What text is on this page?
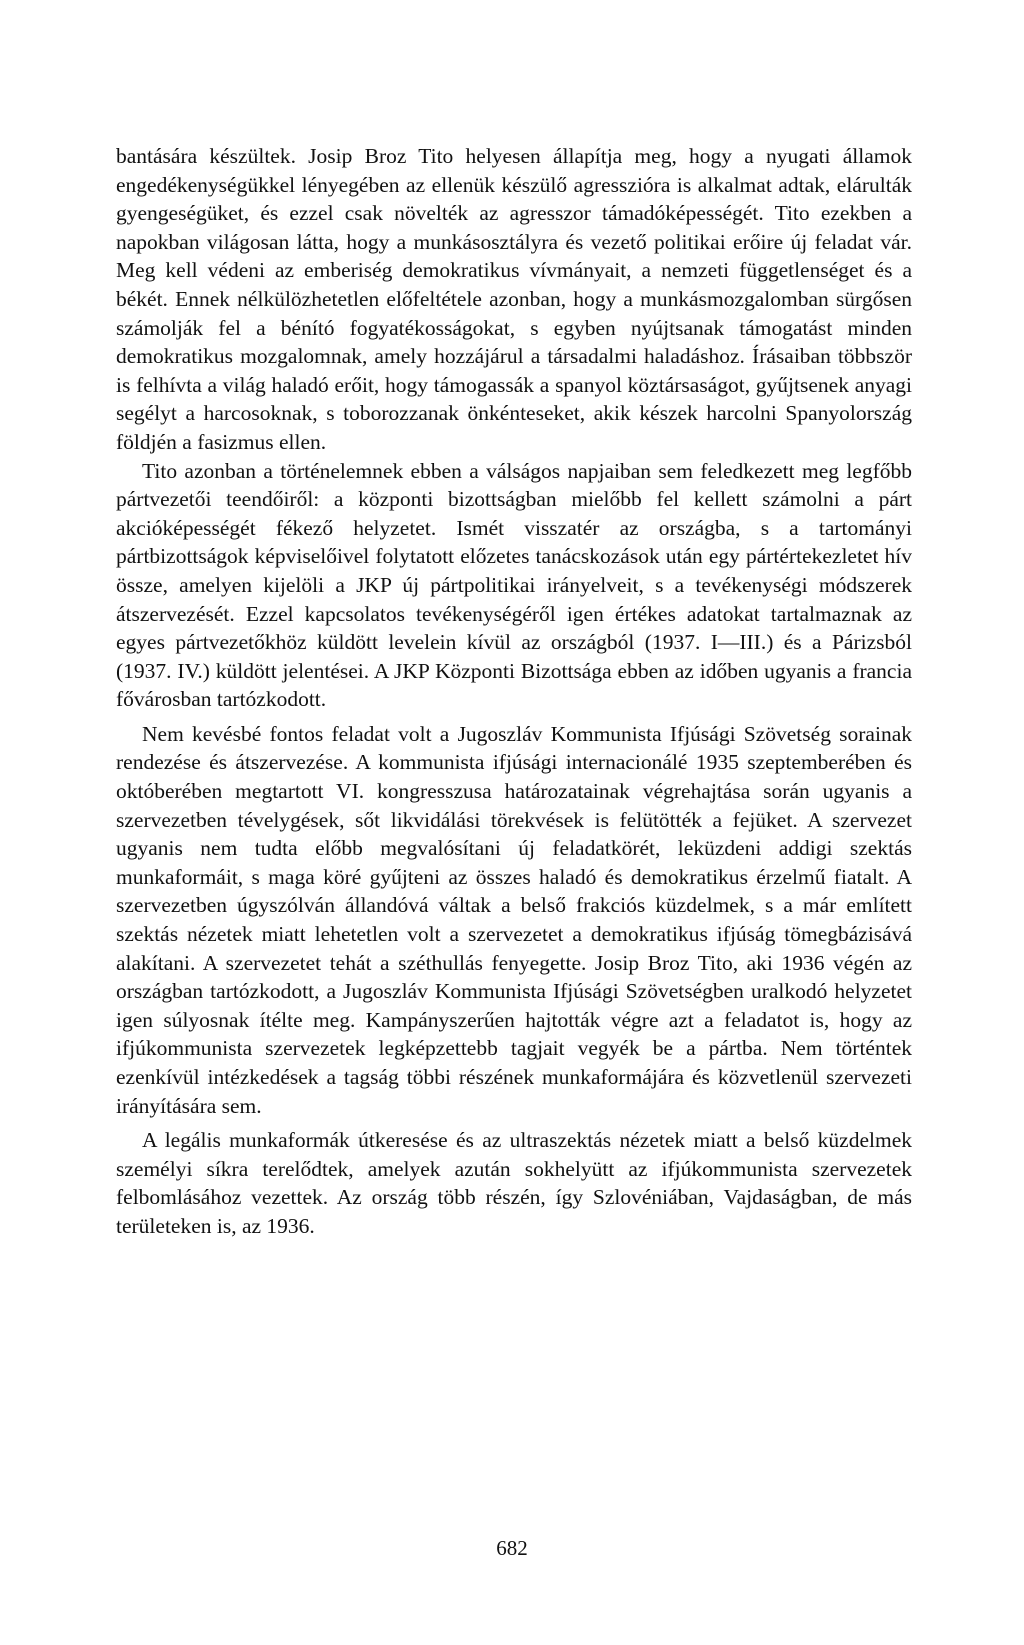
bantására készültek. Josip Broz Tito helyesen állapítja meg, hogy a nyugati államok engedékenységükkel lényegében az ellenük készülő agresszióra is alkalmat adtak, elárulták gyengeségüket, és ezzel csak növelték az agresszor támadóképességét. Tito ezekben a napokban világosan látta, hogy a munkásosztályra és vezető politikai erőire új feladat vár. Meg kell védeni az emberiség demokratikus vívmányait, a nemzeti függetlenséget és a békét. Ennek nélkülözhetetlen előfeltétele azonban, hogy a munkásmozgalomban sürgősen számolják fel a bénító fogyatékosságokat, s egyben nyújtsanak támogatást minden demokratikus mozgalomnak, amely hozzájárul a társadalmi haladáshoz. Írásaiban többször is felhívta a világ haladó erőit, hogy támogassák a spanyol köztársaságot, gyűjtsenek anyagi segélyt a harcosoknak, s toborozzanak önkénteseket, akik készek harcolni Spanyolország földjén a fasizmus ellen.

Tito azonban a történelemnek ebben a válságos napjaiban sem feledkezett meg legfőbb pártvezetői teendőiről: a központi bizottságban mielőbb fel kellett számolni a párt akcióképességét fékező helyzetet. Ismét visszatér az országba, s a tartományi pártbizottságok képviselőivel folytatott előzetes tanácskozások után egy pártértekezletet hív össze, amelyen kijelöli a JKP új pártpolitikai irányelveit, s a tevékenységi módszerek átszervezését. Ezzel kapcsolatos tevékenységéről igen értékes adatokat tartalmaznak az egyes pártvezetőkhöz küldött levelein kívül az országból (1937. I—III.) és a Párizsból (1937. IV.) küldött jelentései. A JKP Központi Bizottsága ebben az időben ugyanis a francia fővárosban tartózkodott.

Nem kevésbé fontos feladat volt a Jugoszláv Kommunista Ifjúsági Szövetség sorainak rendezése és átszervezése. A kommunista ifjúsági internacionálé 1935 szeptemberében és októberében megtartott VI. kongresszusa határozatainak végrehajtása során ugyanis a szervezetben tévelygések, sőt likvidálási törekvések is felütötték a fejüket. A szervezet ugyanis nem tudta előbb megvalósítani új feladatkörét, leküzdeni addigi szektás munkaformáit, s maga köré gyűjteni az összes haladó és demokratikus érzelmű fiatalt. A szervezetben úgyszólván állandóvá váltak a belső frakciós küzdelmek, s a már említett szektás nézetek miatt lehetetlen volt a szervezetet a demokratikus ifjúság tömegbázisává alakítani. A szervezetet tehát a széthullás fenyegette. Josip Broz Tito, aki 1936 végén az országban tartózkodott, a Jugoszláv Kommunista Ifjúsági Szövetségben uralkodó helyzetet igen súlyosnak ítélte meg. Kampányszerűen hajtották végre azt a feladatot is, hogy az ifjúkommunista szervezetek legképzettebb tagjait vegyék be a pártba. Nem történtek ezenkívül intézkedések a tagság többi részének munkaformájára és közvetlenül szervezeti irányítására sem.

A legális munkaformák útkeresése és az ultraszektás nézetek miatt a belső küzdelmek személyi síkra terelődtek, amelyek azután sokhelyütt az ifjúkommunista szervezetek felbomlásához vezettek. Az ország több részén, így Szlovéniában, Vajdaságban, de más területeken is, az 1936.

682
